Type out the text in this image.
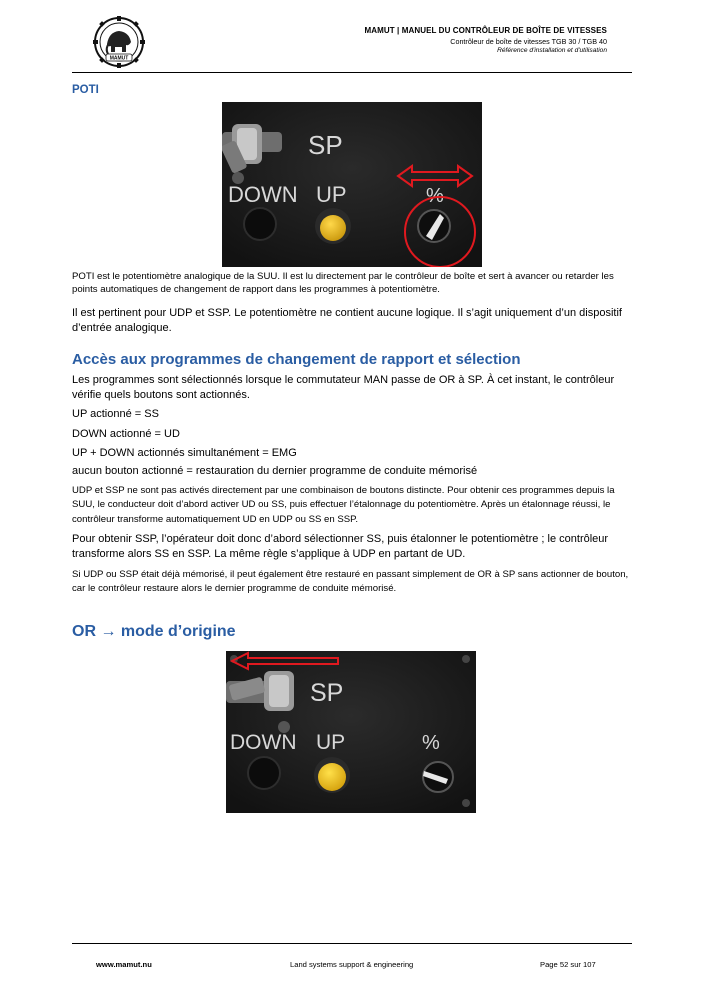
MAMUT
MAMUT | MANUEL DU CONTRÔLEUR DE BOÎTE DE VITESSES
Contrôleur de boîte de vitesses TGB 30 / TGB 40
Référence d'installation et d'utilisation
POTI
SP
DOWN UP	%
POTI est le potentiomètre analogique de la SUU. Il est lu directement par le contrôleur de boîte et sert à avancer ou retarder les points automatiques de changement de rapport dans les programmes à potentiomètre.
Il est pertinent pour UDP et SSP. Le potentiomètre ne contient aucune logique. Il s’agit uniquement d’un dispositif d’entrée analogique.
Accès aux programmes de changement de rapport et sélection
Les programmes sont sélectionnés lorsque le commutateur MAN passe de OR à SP. À cet instant, le contrôleur vérifie quels boutons sont actionnés.
UP actionné = SS
DOWN actionné = UD
UP + DOWN actionnés simultanément = EMG
aucun bouton actionné = restauration du dernier programme de conduite mémorisé
UDP et SSP ne sont pas activés directement par une combinaison de boutons distincte. Pour obtenir ces programmes depuis la SUU, le conducteur doit d’abord activer UD ou SS, puis effectuer l’étalonnage du potentiomètre. Après un étalonnage réussi, le contrôleur transforme automatiquement UD en UDP ou SS en SSP.
Pour obtenir SSP, l’opérateur doit donc d’abord sélectionner SS, puis étalonner le potentiomètre ; le contrôleur transforme alors SS en SSP. La même règle s’applique à UDP en partant de UD.
Si UDP ou SSP était déjà mémorisé, il peut également être restauré en passant simplement de OR à SP sans actionner de bouton, car le contrôleur restaure alors le dernier programme de conduite mémorisé.
OR → mode d’origine
SP
DOWN UP	%
www.mamut.nu	Land systems support & engineering	Page 52 sur 107
